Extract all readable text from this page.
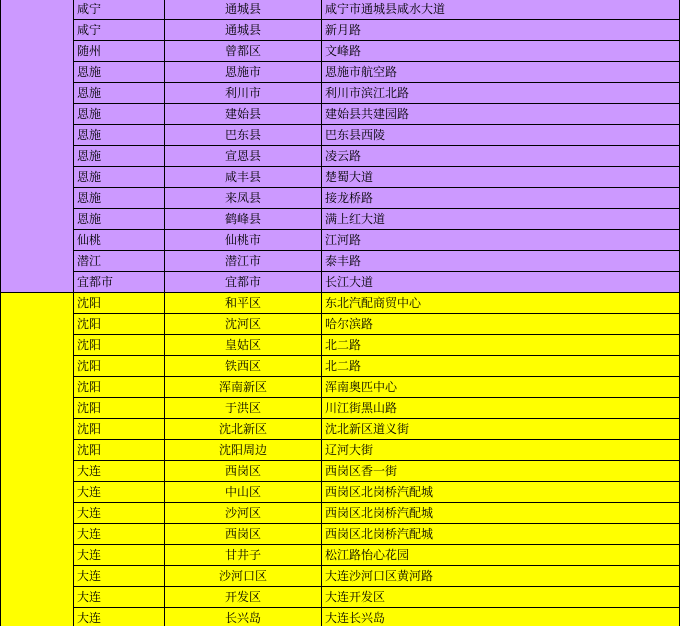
	咸宁	通城县	咸宁市通城县咸水大道
	咸宁	通城县	新月路
	随州	曾都区	文峰路
	恩施	恩施市	恩施市航空路
	恩施	利川市	利川市滨江北路
	恩施	建始县	建始县共建园路
	恩施	巴东县	巴东县西陵
	恩施	宣恩县	凌云路
	恩施	咸丰县	楚蜀大道
	恩施	来凤县	接龙桥路
	恩施	鹤峰县	满上红大道
	仙桃	仙桃市	江河路
	潜江	潜江市	泰丰路
	宜都市	宜都市	长江大道
	沈阳	和平区	东北汽配商贸中心
	沈阳	沈河区	哈尔滨路
	沈阳	皇姑区	北二路
	沈阳	铁西区	北二路
	沈阳	浑南新区	浑南奥匹中心
	沈阳	于洪区	川江街黑山路
	沈阳	沈北新区	沈北新区道义街
	沈阳	沈阳周边	辽河大街
	大连	西岗区	西岗区香一街
	大连	中山区	西岗区北岗桥汽配城
	大连	沙河区	西岗区北岗桥汽配城
	大连	西岗区	西岗区北岗桥汽配城
	大连	甘井子	松江路怡心花园
	大连	沙河口区	大连沙河口区黄河路
	大连	开发区	大连开发区
	大连	长兴岛	大连长兴岛
